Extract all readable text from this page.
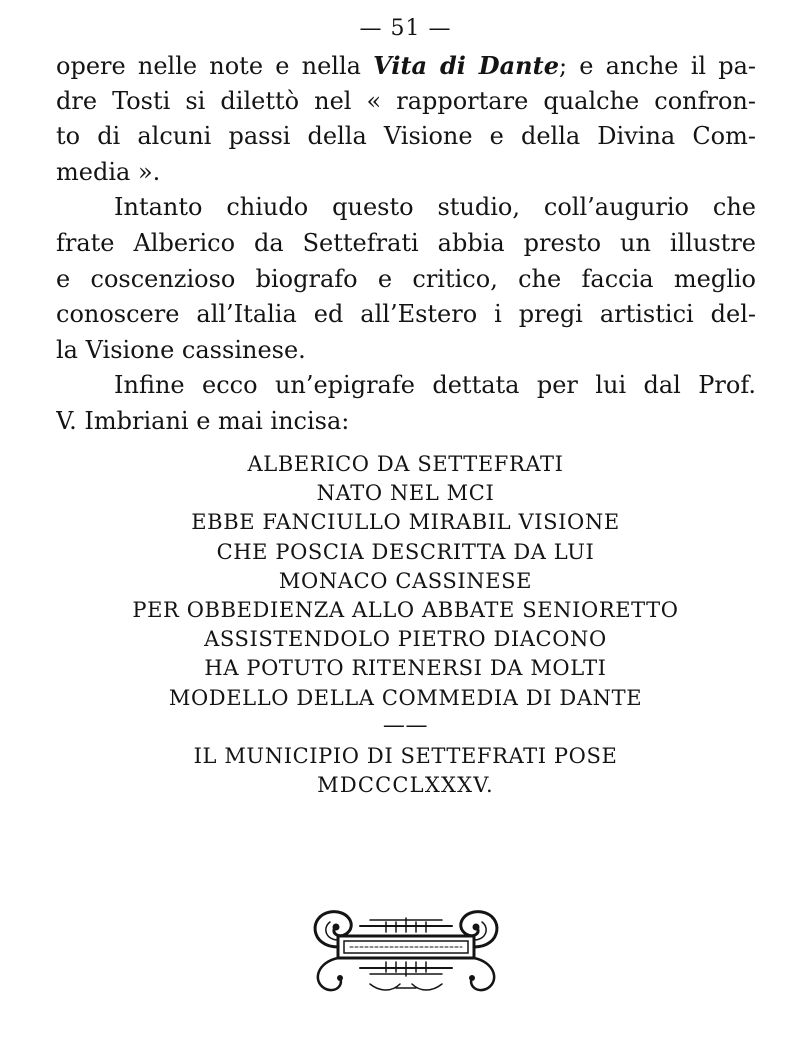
— 51 —
opere nelle note e nella Vita di Dante; e anche il pa-
dre Tosti si dilettò nel « rapportare qualche confron-
to di alcuni passi della Visione e della Divina Com-
media ».
Intanto chiudo questo studio, coll’augurio che
frate Alberico da Settefrati abbia presto un illustre
e coscenzioso biografo e critico, che faccia meglio
conoscere all’Italia ed all’Estero i pregi artistici del-
la Visione cassinese.
Infine ecco un’epigrafe dettata per lui dal Prof.
V. Imbriani e mai incisa:
ALBERICO DA SETTEFRATI
NATO NEL MCI
EBBE FANCIULLO MIRABIL VISIONE
CHE POSCIA DESCRITTA DA LUI
MONACO CASSINESE
PER OBBEDIENZA ALLO ABBATE SENIORETTO
ASSISTENDOLO PIETRO DIACONO
HA POTUTO RITENERSI DA MOLTI
MODELLO DELLA COMMEDIA DI DANTE
——
IL MUNICIPIO DI SETTEFRATI POSE
MDCCCLXXXV.
